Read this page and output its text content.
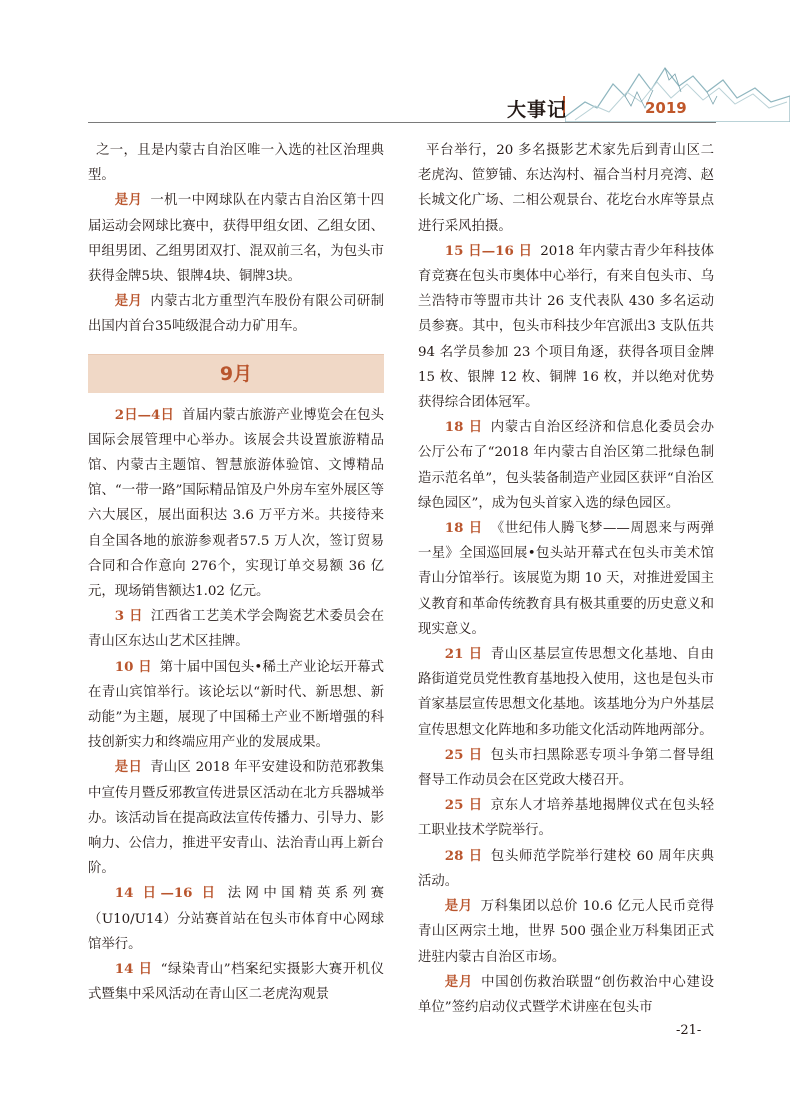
大事记	2019

之一，且是内蒙古自治区唯一入选的社区治理典型。

是月 一机一中网球队在内蒙古自治区第十四届运动会网球比赛中，获得甲组女团、乙组女团、甲组男团、乙组男团双打、混双前三名，为包头市获得金牌5块、银牌4块、铜牌3块。

是月 内蒙古北方重型汽车股份有限公司研制出国内首台35吨级混合动力矿用车。

9月

2日—4日 首届内蒙古旅游产业博览会在包头国际会展管理中心举办。该展会共设置旅游精品馆、内蒙古主题馆、智慧旅游体验馆、文博精品馆、“一带一路”国际精品馆及户外房车室外展区等六大展区，展出面积达 3.6 万平方米。共接待来自全国各地的旅游参观者57.5 万人次，签订贸易合同和合作意向 276个，实现订单交易额 36 亿元，现场销售额达1.02 亿元。

3 日 江西省工艺美术学会陶瓷艺术委员会在青山区东达山艺术区挂牌。

10 日 第十届中国包头•稀土产业论坛开幕式在青山宾馆举行。该论坛以“新时代、新思想、新动能”为主题，展现了中国稀土产业不断增强的科技创新实力和终端应用产业的发展成果。

是日 青山区 2018 年平安建设和防范邪教集中宣传月暨反邪教宣传进景区活动在北方兵器城举办。该活动旨在提高政法宣传传播力、引导力、影响力、公信力，推进平安青山、法治青山再上新台阶。

14 日—16 日 法网中国精英系列赛（U10/U14）分站赛首站在包头市体育中心网球馆举行。

14 日 “绿染青山”档案纪实摄影大赛开机仪式暨集中采风活动在青山区二老虎沟观景

平台举行，20 多名摄影艺术家先后到青山区二老虎沟、笸箩铺、东达沟村、福合当村月亮湾、赵长城文化广场、二相公观景台、花圪台水库等景点进行采风拍摄。

15 日—16 日 2018 年内蒙古青少年科技体育竞赛在包头市奥体中心举行，有来自包头市、乌兰浩特市等盟市共计 26 支代表队 430 多名运动员参赛。其中，包头市科技少年宫派出3 支队伍共 94 名学员参加 23 个项目角逐，获得各项目金牌 15 枚、银牌 12 枚、铜牌 16 枚，并以绝对优势获得综合团体冠军。

18 日 内蒙古自治区经济和信息化委员会办公厅公布了“2018 年内蒙古自治区第二批绿色制造示范名单”，包头装备制造产业园区获评“自治区绿色园区”，成为包头首家入选的绿色园区。

18 日 《世纪伟人腾飞梦——周恩来与两弹一星》全国巡回展•包头站开幕式在包头市美术馆青山分馆举行。该展览为期 10 天，对推进爱国主义教育和革命传统教育具有极其重要的历史意义和现实意义。

21 日 青山区基层宣传思想文化基地、自由路街道党员党性教育基地投入使用，这也是包头市首家基层宣传思想文化基地。该基地分为户外基层宣传思想文化阵地和多功能文化活动阵地两部分。

25 日 包头市扫黑除恶专项斗争第二督导组督导工作动员会在区党政大楼召开。

25 日 京东人才培养基地揭牌仪式在包头轻工职业技术学院举行。

28 日 包头师范学院举行建校 60 周年庆典活动。

是月 万科集团以总价 10.6 亿元人民币竞得青山区两宗土地，世界 500 强企业万科集团正式进驻内蒙古自治区市场。

是月 中国创伤救治联盟“创伤救治中心建设单位”签约启动仪式暨学术讲座在包头市

-21-
